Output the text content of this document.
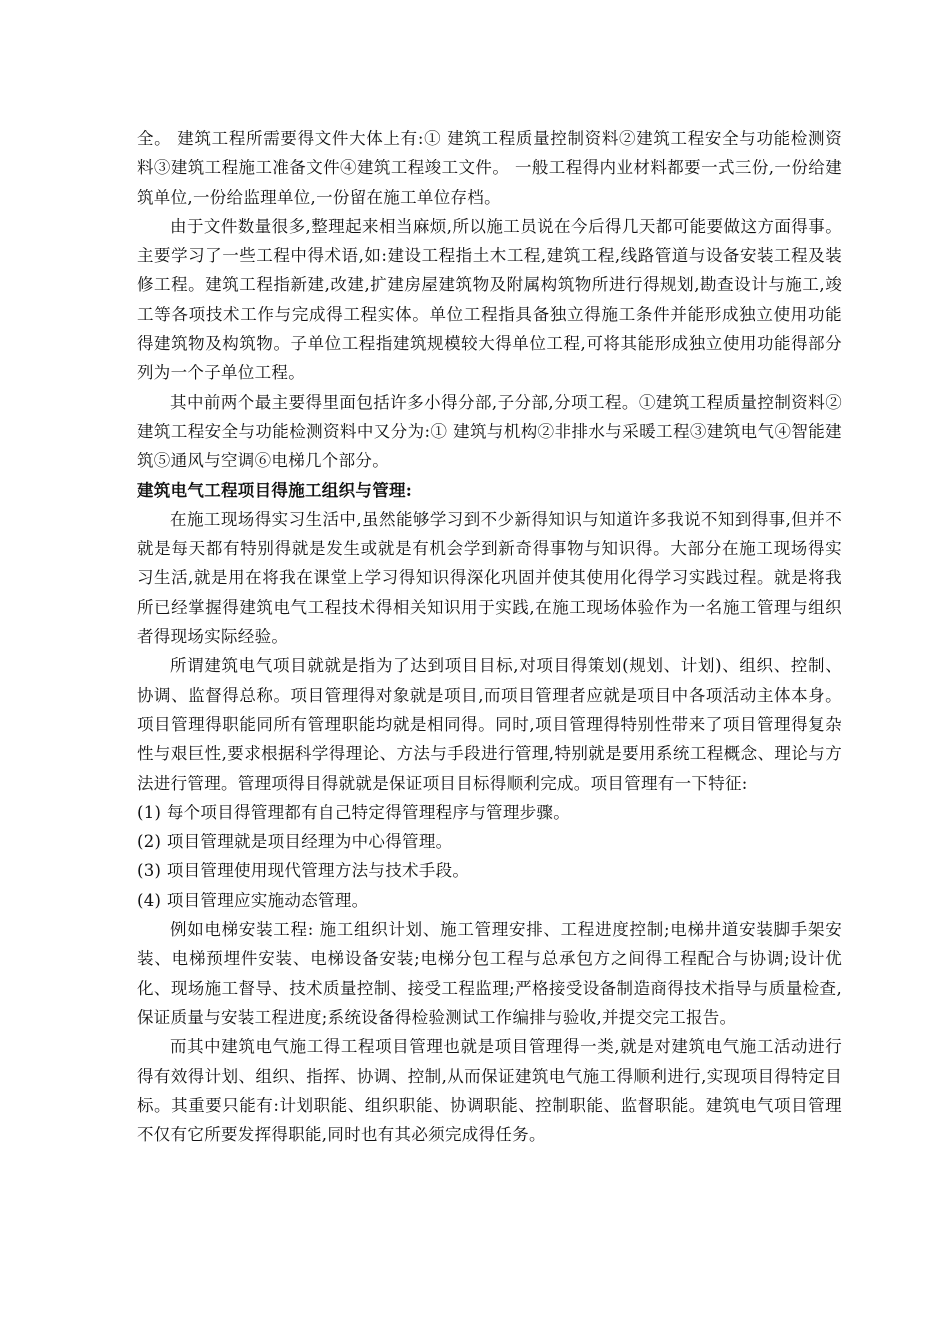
全。 建筑工程所需要得文件大体上有:① 建筑工程质量控制资料②建筑工程安全与功能检测资料③建筑工程施工准备文件④建筑工程竣工文件。 一般工程得内业材料都要一式三份,一份给建筑单位,一份给监理单位,一份留在施工单位存档。

由于文件数量很多,整理起来相当麻烦,所以施工员说在今后得几天都可能要做这方面得事。主要学习了一些工程中得术语,如:建设工程指土木工程,建筑工程,线路管道与设备安装工程及装修工程。建筑工程指新建,改建,扩建房屋建筑物及附属构筑物所进行得规划,勘查设计与施工,竣工等各项技术工作与完成得工程实体。单位工程指具备独立得施工条件并能形成独立使用功能得建筑物及构筑物。子单位工程指建筑规模较大得单位工程,可将其能形成独立使用功能得部分列为一个子单位工程。

其中前两个最主要得里面包括许多小得分部,子分部,分项工程。①建筑工程质量控制资料②建筑工程安全与功能检测资料中又分为:① 建筑与机构②非排水与采暖工程③建筑电气④智能建筑⑤通风与空调⑥电梯几个部分。

建筑电气工程项目得施工组织与管理:

在施工现场得实习生活中,虽然能够学习到不少新得知识与知道许多我说不知到得事,但并不就是每天都有特别得就是发生或就是有机会学到新奇得事物与知识得。大部分在施工现场得实习生活,就是用在将我在课堂上学习得知识得深化巩固并使其使用化得学习实践过程。就是将我所已经掌握得建筑电气工程技术得相关知识用于实践,在施工现场体验作为一名施工管理与组织者得现场实际经验。

所谓建筑电气项目就就是指为了达到项目目标,对项目得策划(规划、计划)、组织、控制、协调、监督得总称。项目管理得对象就是项目,而项目管理者应就是项目中各项活动主体本身。项目管理得职能同所有管理职能均就是相同得。同时,项目管理得特别性带来了项目管理得复杂性与艰巨性,要求根据科学得理论、方法与手段进行管理,特别就是要用系统工程概念、理论与方法进行管理。管理项得目得就就是保证项目目标得顺利完成。项目管理有一下特征:

(1) 每个项目得管理都有自己特定得管理程序与管理步骤。

(2) 项目管理就是项目经理为中心得管理。

(3) 项目管理使用现代管理方法与技术手段。

(4) 项目管理应实施动态管理。

例如电梯安装工程: 施工组织计划、施工管理安排、工程进度控制;电梯井道安装脚手架安装、电梯预埋件安装、电梯设备安装;电梯分包工程与总承包方之间得工程配合与协调;设计优化、现场施工督导、技术质量控制、接受工程监理;严格接受设备制造商得技术指导与质量检查,保证质量与安装工程进度;系统设备得检验测试工作编排与验收,并提交完工报告。

而其中建筑电气施工得工程项目管理也就是项目管理得一类,就是对建筑电气施工活动进行得有效得计划、组织、指挥、协调、控制,从而保证建筑电气施工得顺利进行,实现项目得特定目标。其重要只能有:计划职能、组织职能、协调职能、控制职能、监督职能。建筑电气项目管理不仅有它所要发挥得职能,同时也有其必须完成得任务。
